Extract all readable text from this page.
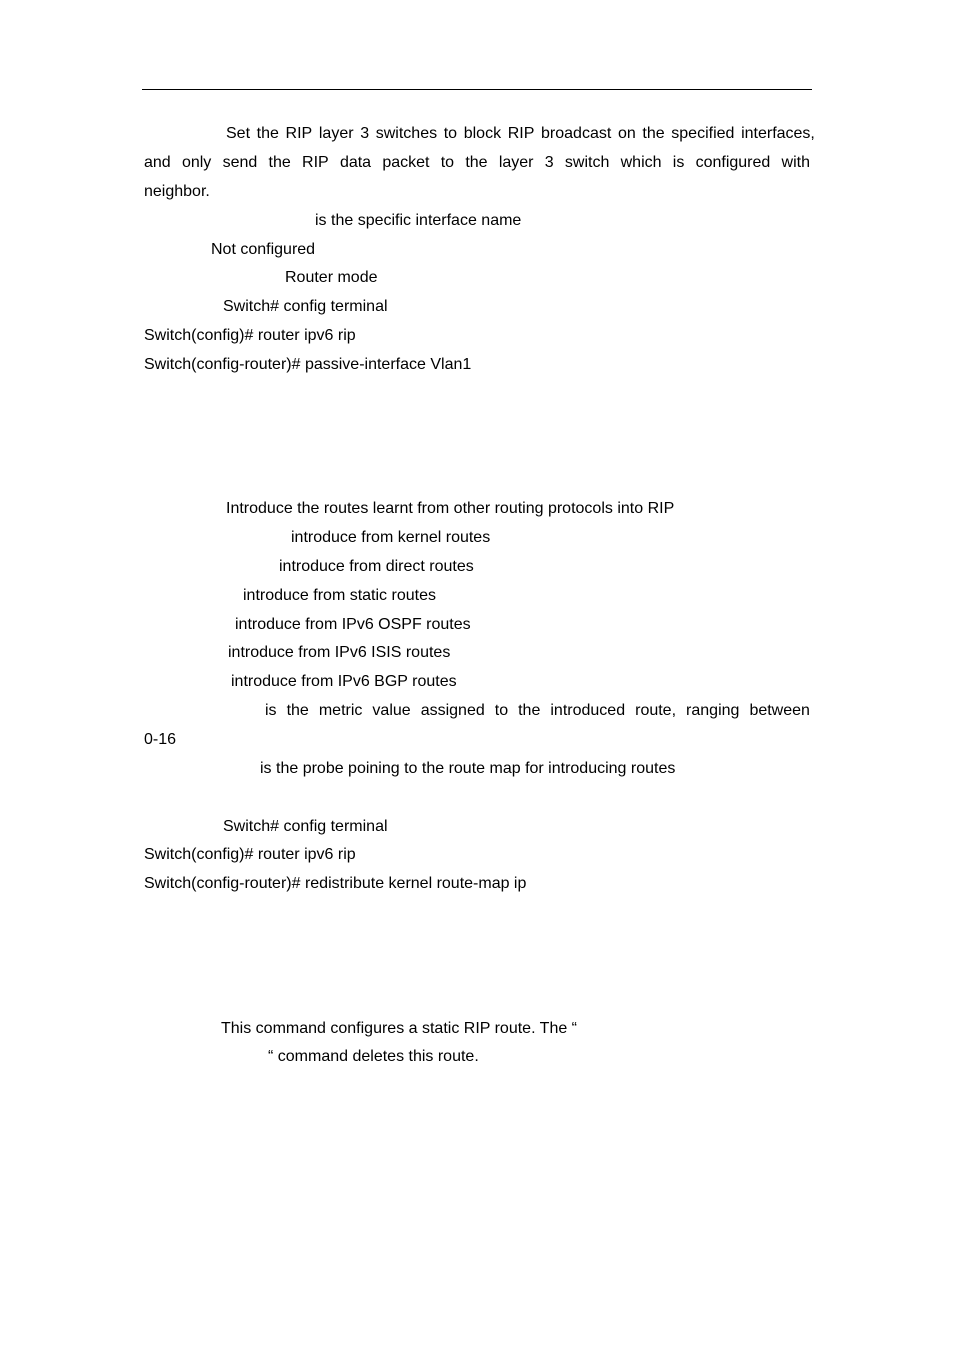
Set the RIP layer 3 switches to block RIP broadcast on the specified interfaces,
and only send the RIP data packet to the layer 3 switch which is configured with
neighbor.
is the specific interface name
Not configured
Router mode
Switch# config terminal
Switch(config)# router ipv6 rip
Switch(config-router)# passive-interface Vlan1
Introduce the routes learnt from other routing protocols into RIP
introduce from kernel routes
introduce from direct routes
introduce from static routes
introduce from IPv6 OSPF routes
introduce from IPv6 ISIS routes
introduce from IPv6 BGP routes
is the metric value assigned to the introduced route, ranging between
0-16
is the probe poining to the route map for introducing routes
Switch# config terminal
Switch(config)# router ipv6 rip
Switch(config-router)# redistribute kernel route-map ip
This command configures a static RIP route. The “
“ command deletes this route.
